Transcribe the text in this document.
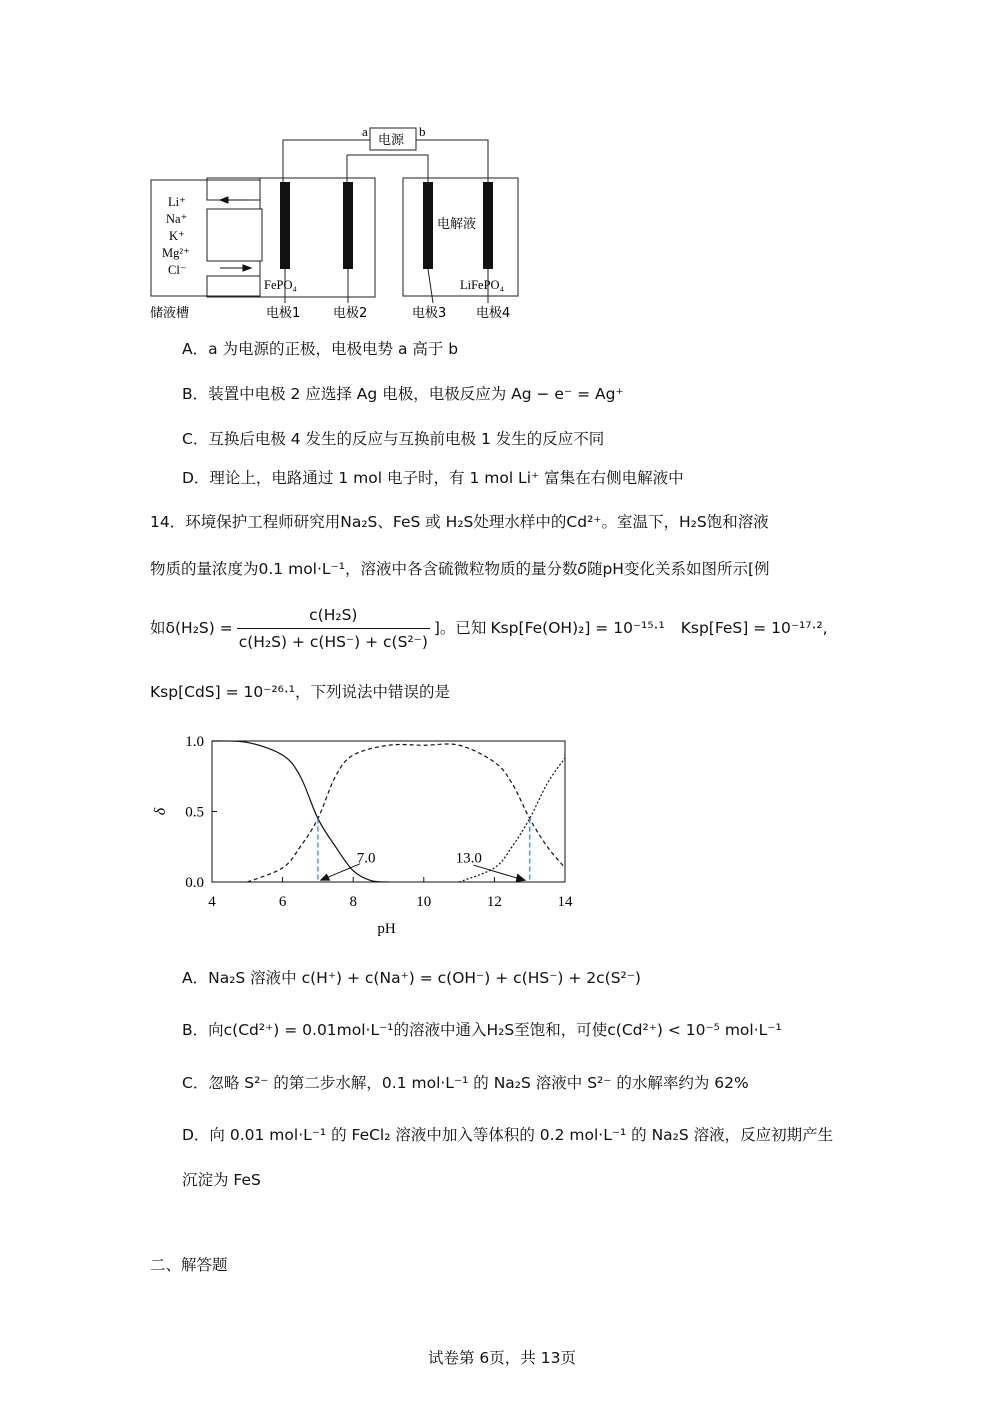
a	b
电源
Li⁺
Na⁺
K⁺
Mg²⁺
Cl⁻
电解液
FePO₄	LiFePO₄
储液槽	电极1	电极2	电极3 电极4
A．a 为电源的正极，电极电势 a 高于 b
B．装置中电极 2 应选择 Ag 电极，电极反应为 Ag − e⁻ = Ag⁺
C．互换后电极 4 发生的反应与互换前电极 1 发生的反应不同
D．理论上，电路通过 1 mol 电子时，有 1 mol Li⁺ 富集在右侧电解液中
14．环境保护工程师研究用Na₂S、FeS 或 H₂S处理水样中的Cd²⁺。室温下，H₂S饱和溶液
物质的量浓度为0.1 mol·L⁻¹，溶液中各含硫微粒物质的量分数δ随pH变化关系如图所示[例
如 $\delta(H_2S) = \frac{\text{c(H₂S)}}{\text{c(H₂S) + c(HS⁻) + c(S²⁻)}}$ ]。已知 Ksp[Fe(OH)₂] = 10⁻¹⁵·¹ Ksp[FeS] = 10⁻¹⁷·² ,
Ksp[CdS] = 10⁻²⁶·¹，下列说法中错误的是
4	6	8	10	12	14
0.0
0.5
1.0
pH
δ
7.0	13.0
A．Na₂S 溶液中 c(H⁺) + c(Na⁺) = c(OH⁻) + c(HS⁻) + 2c(S²⁻)
B．向c(Cd²⁺) = 0.01mol·L⁻¹的溶液中通入H₂S至饱和，可使c(Cd²⁺) < 10⁻⁵ mol·L⁻¹
C．忽略 S²⁻ 的第二步水解，0.1 mol·L⁻¹ 的 Na₂S 溶液中 S²⁻ 的水解率约为 62%
D．向 0.01 mol·L⁻¹ 的 FeCl₂ 溶液中加入等体积的 0.2 mol·L⁻¹ 的 Na₂S 溶液，反应初期产生
沉淀为 FeS
二、解答题
试卷第 6页，共 13页
